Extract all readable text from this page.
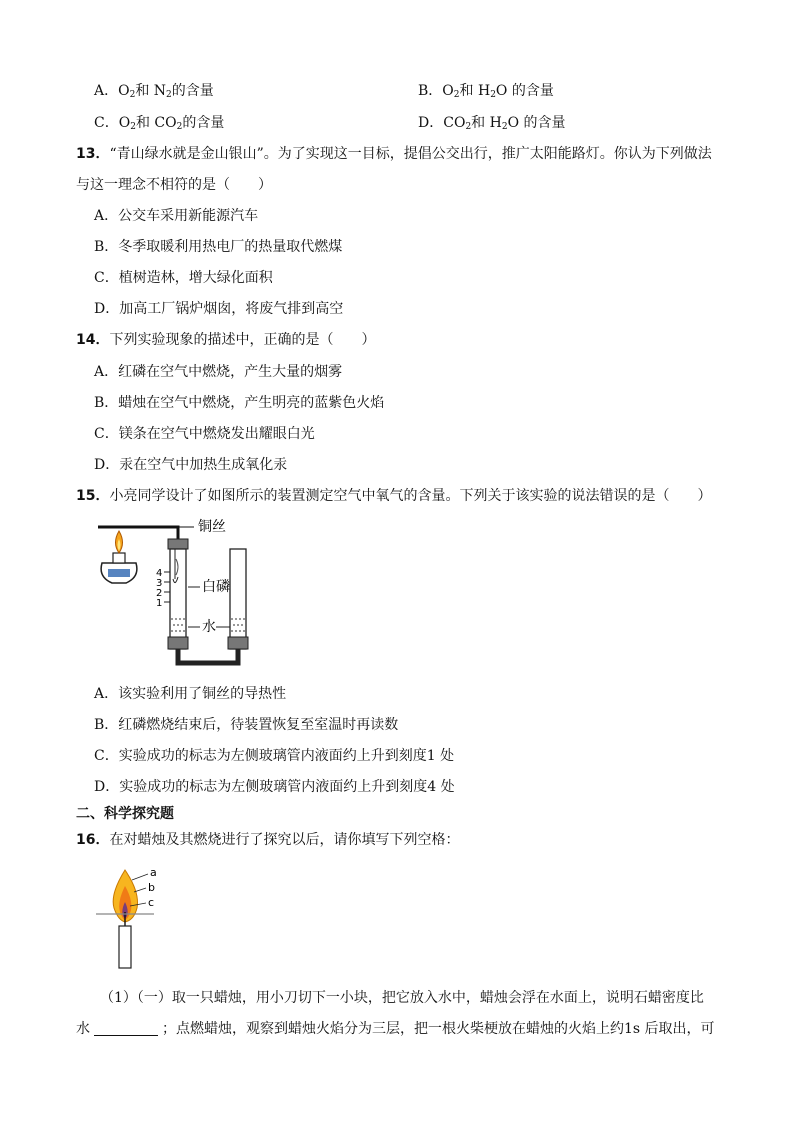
A．$O_2$和 $N_2$的含量	B．$O_2$和 $H_2O$ 的含量
C．$O_2$和 $CO_2$的含量	D．$CO_2$和 $H_2O$ 的含量
13．“青山绿水就是金山银山”。为了实现这一目标，提倡公交出行，推广太阳能路灯。你认为下列做法
与这一理念不相符的是（　　）
A．公交车采用新能源汽车
B．冬季取暖利用热电厂的热量取代燃煤
C．植树造林，增大绿化面积
D．加高工厂锅炉烟囱，将废气排到高空
14．下列实验现象的描述中，正确的是（　　）
A．红磷在空气中燃烧，产生大量的烟雾
B．蜡烛在空气中燃烧，产生明亮的蓝紫色火焰
C．镁条在空气中燃烧发出耀眼白光
D．汞在空气中加热生成氧化汞
15．小亮同学设计了如图所示的装置测定空气中氧气的含量。下列关于该实验的说法错误的是（　　）
4
3
2
1
铜丝
白磷
水
A．该实验利用了铜丝的导热性
B．红磷燃烧结束后，待装置恢复至室温时再读数
C．实验成功的标志为左侧玻璃管内液面约上升到刻度1 处
D．实验成功的标志为左侧玻璃管内液面约上升到刻度4 处
二、科学探究题
16．在对蜡烛及其燃烧进行了探究以后，请你填写下列空格：
a
b
c
（1）（一）取一只蜡烛，用小刀切下一小块，把它放入水中，蜡烛会浮在水面上，说明石蜡密度比
水	；点燃蜡烛，观察到蜡烛火焰分为三层，把一根火柴梗放在蜡烛的火焰上约1s 后取出，可
